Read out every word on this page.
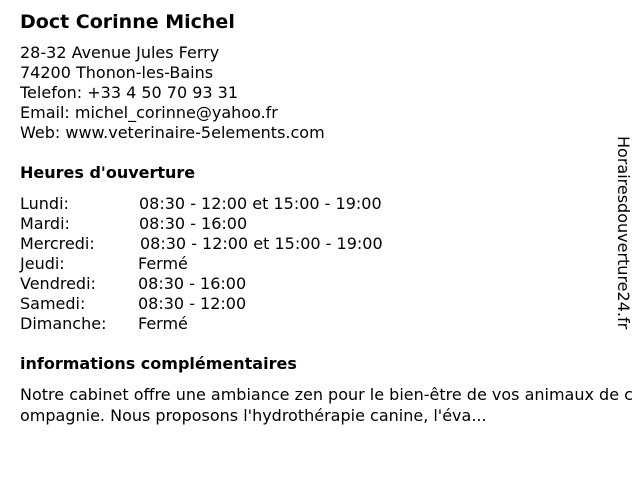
Doct Corinne Michel
28-32 Avenue Jules Ferry
74200 Thonon-les-Bains
Telefon: +33 4 50 70 93 31
Email: michel_corinne@yahoo.fr
Web: www.veterinaire-5elements.com
Heures d'ouverture
Lundi:	08:30 - 12:00 et 15:00 - 19:00
Mardi:	08:30 - 16:00
Mercredi:	08:30 - 12:00 et 15:00 - 19:00
Jeudi:	Fermé
Vendredi:	08:30 - 16:00
Samedi:	08:30 - 12:00
Dimanche: Fermé
informations complémentaires
Notre cabinet offre une ambiance zen pour le bien-être de vos animaux de compagnie. Nous proposons l'hydrothérapie canine, l'éva...
Horairesdouverture24.fr
